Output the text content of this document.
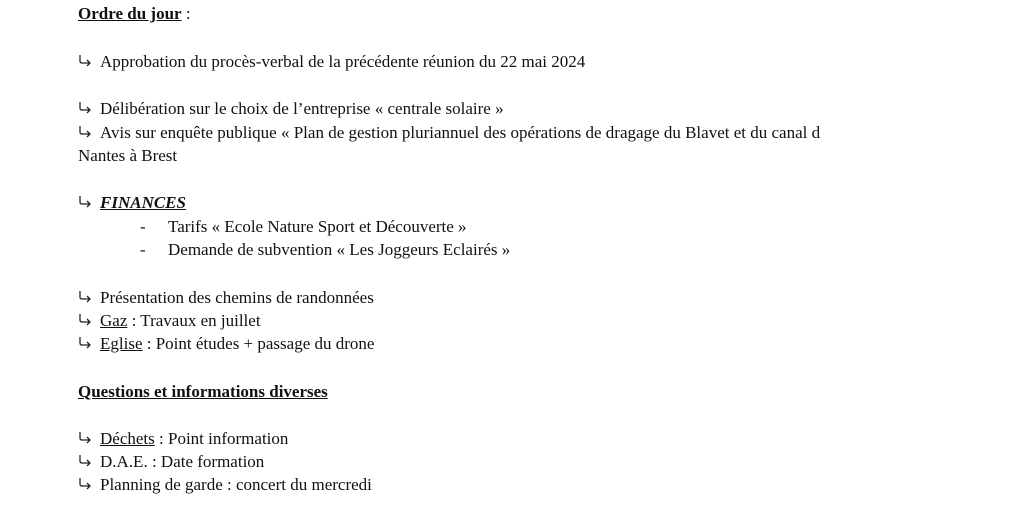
Ordre du jour :
Approbation du procès-verbal de la précédente réunion du 22 mai 2024
Délibération sur le choix de l’entreprise « centrale solaire »
Avis sur enquête publique « Plan de gestion pluriannuel des opérations de dragage du Blavet et du canal d
Nantes à Brest
FINANCES
- Tarifs « Ecole Nature Sport et Découverte »
- Demande de subvention « Les Joggeurs Eclairés »
Présentation des chemins de randonnées
Gaz : Travaux en juillet
Eglise : Point études + passage du drone
Questions et informations diverses
Déchets : Point information
D.A.E. : Date formation
Planning de garde : concert du mercredi
